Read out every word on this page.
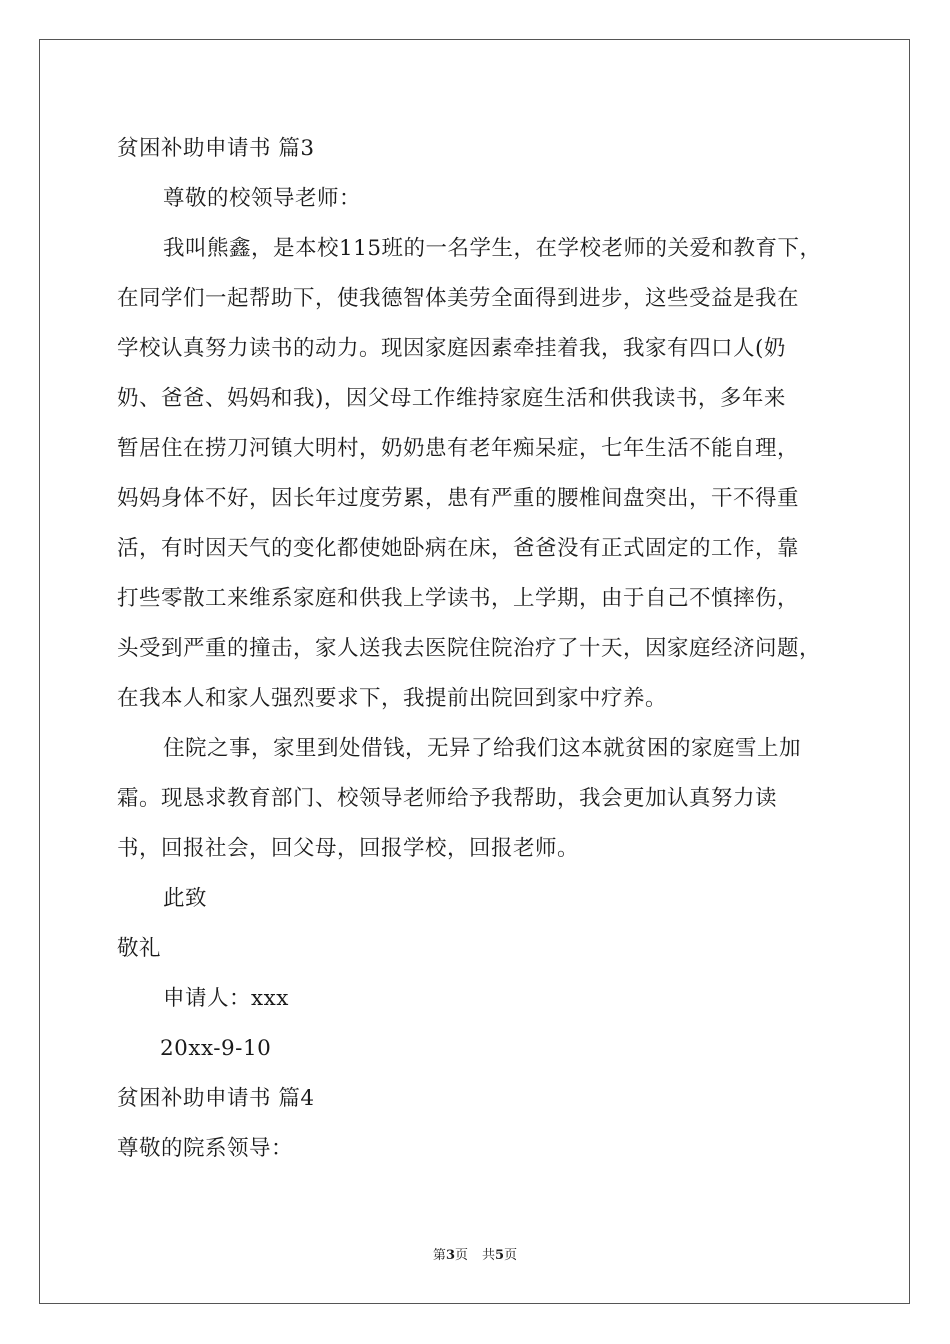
贫困补助申请书 篇3
尊敬的校领导老师：
我叫熊鑫，是本校115班的一名学生，在学校老师的关爱和教育下，
在同学们一起帮助下，使我德智体美劳全面得到进步，这些受益是我在
学校认真努力读书的动力。现因家庭因素牵挂着我，我家有四口人(奶
奶、爸爸、妈妈和我)，因父母工作维持家庭生活和供我读书，多年来
暂居住在捞刀河镇大明村，奶奶患有老年痴呆症，七年生活不能自理，
妈妈身体不好，因长年过度劳累，患有严重的腰椎间盘突出，干不得重
活，有时因天气的变化都使她卧病在床，爸爸没有正式固定的工作，靠
打些零散工来维系家庭和供我上学读书，上学期，由于自己不慎摔伤，
头受到严重的撞击，家人送我去医院住院治疗了十天，因家庭经济问题，
在我本人和家人强烈要求下，我提前出院回到家中疗养。
住院之事，家里到处借钱，无异了给我们这本就贫困的家庭雪上加
霜。现恳求教育部门、校领导老师给予我帮助，我会更加认真努力读
书，回报社会，回父母，回报学校，回报老师。
此致
敬礼
申请人：xxx
20xx-9-10
贫困补助申请书 篇4
尊敬的院系领导：
第3页 共5页
